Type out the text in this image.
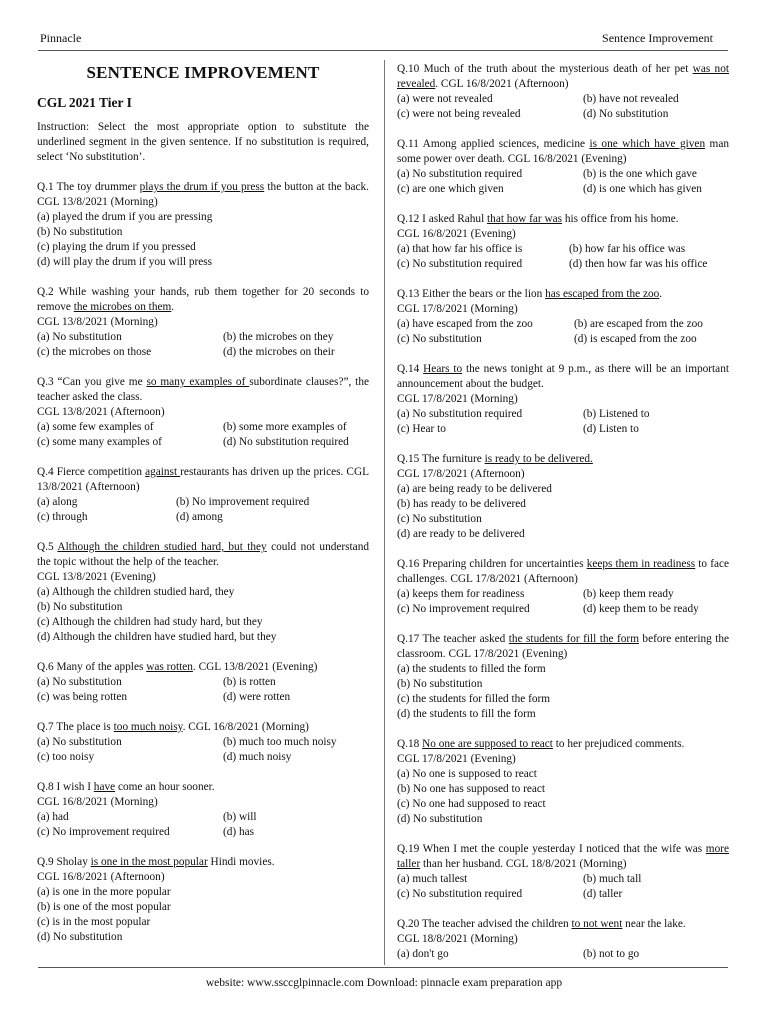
Pinnacle	Sentence Improvement
SENTENCE IMPROVEMENT
CGL 2021 Tier I
Instruction: Select the most appropriate option to substitute the underlined segment in the given sentence. If no substitution is required, select ‘No substitution’.
Q.1 The toy drummer plays the drum if you press the button at the back. CGL 13/8/2021 (Morning)
(a) played the drum if you are pressing
(b) No substitution
(c) playing the drum if you pressed
(d) will play the drum if you will press
Q.2 While washing your hands, rub them together for 20 seconds to remove the microbes on them.
CGL 13/8/2021 (Morning)
(a) No substitution	(b) the microbes on they
(c) the microbes on those	(d) the microbes on their
Q.3 “Can you give me so many examples of subordinate clauses?”, the teacher asked the class.
CGL 13/8/2021 (Afternoon)
(a) some few examples of	(b) some more examples of
(c) some many examples of	(d) No substitution required
Q.4 Fierce competition against restaurants has driven up the prices. CGL 13/8/2021 (Afternoon)
(a) along	(b) No improvement required
(c) through	(d) among
Q.5 Although the children studied hard, but they could not understand the topic without the help of the teacher.
CGL 13/8/2021 (Evening)
(a) Although the children studied hard, they
(b) No substitution
(c) Although the children had study hard, but they
(d) Although the children have studied hard, but they
Q.6 Many of the apples was rotten. CGL 13/8/2021 (Evening)
(a) No substitution	(b) is rotten
(c) was being rotten	(d) were rotten
Q.7 The place is too much noisy. CGL 16/8/2021 (Morning)
(a) No substitution	(b) much too much noisy
(c) too noisy	(d) much noisy
Q.8 I wish I have come an hour sooner.
CGL 16/8/2021 (Morning)
(a) had	(b) will
(c) No improvement required	(d) has
Q.9 Sholay is one in the most popular Hindi movies.
CGL 16/8/2021 (Afternoon)
(a) is one in the more popular
(b) is one of the most popular
(c) is in the most popular
(d) No substitution
Q.10 Much of the truth about the mysterious death of her pet was not revealed. CGL 16/8/2021 (Afternoon)
(a) were not revealed	(b) have not revealed
(c) were not being revealed	(d) No substitution
Q.11 Among applied sciences, medicine is one which have given man some power over death. CGL 16/8/2021 (Evening)
(a) No substitution required	(b) is the one which gave
(c) are one which given	(d) is one which has given
Q.12 I asked Rahul that how far was his office from his home.
CGL 16/8/2021 (Evening)
(a) that how far his office is	(b) how far his office was
(c) No substitution required	(d) then how far was his office
Q.13 Either the bears or the lion has escaped from the zoo.
CGL 17/8/2021 (Morning)
(a) have escaped from the zoo	(b) are escaped from the zoo
(c) No substitution	(d) is escaped from the zoo
Q.14 Hears to the news tonight at 9 p.m., as there will be an important announcement about the budget.
CGL 17/8/2021 (Morning)
(a) No substitution required	(b) Listened to
(c) Hear to	(d) Listen to
Q.15 The furniture is ready to be delivered.
CGL 17/8/2021 (Afternoon)
(a) are being ready to be delivered
(b) has ready to be delivered
(c) No substitution
(d) are ready to be delivered
Q.16 Preparing children for uncertainties keeps them in readiness to face challenges. CGL 17/8/2021 (Afternoon)
(a) keeps them for readiness	(b) keep them ready
(c) No improvement required	(d) keep them to be ready
Q.17 The teacher asked the students for fill the form before entering the classroom. CGL 17/8/2021 (Evening)
(a) the students to filled the form
(b) No substitution
(c) the students for filled the form
(d) the students to fill the form
Q.18 No one are supposed to react to her prejudiced comments.
CGL 17/8/2021 (Evening)
(a) No one is supposed to react
(b) No one has supposed to react
(c) No one had supposed to react
(d) No substitution
Q.19 When I met the couple yesterday I noticed that the wife was more taller than her husband. CGL 18/8/2021 (Morning)
(a) much tallest	(b) much tall
(c) No substitution required	(d) taller
Q.20 The teacher advised the children to not went near the lake.
CGL 18/8/2021 (Morning)
(a) don't go	(b) not to go
website: www.ssccglpinnacle.com Download: pinnacle exam preparation app
